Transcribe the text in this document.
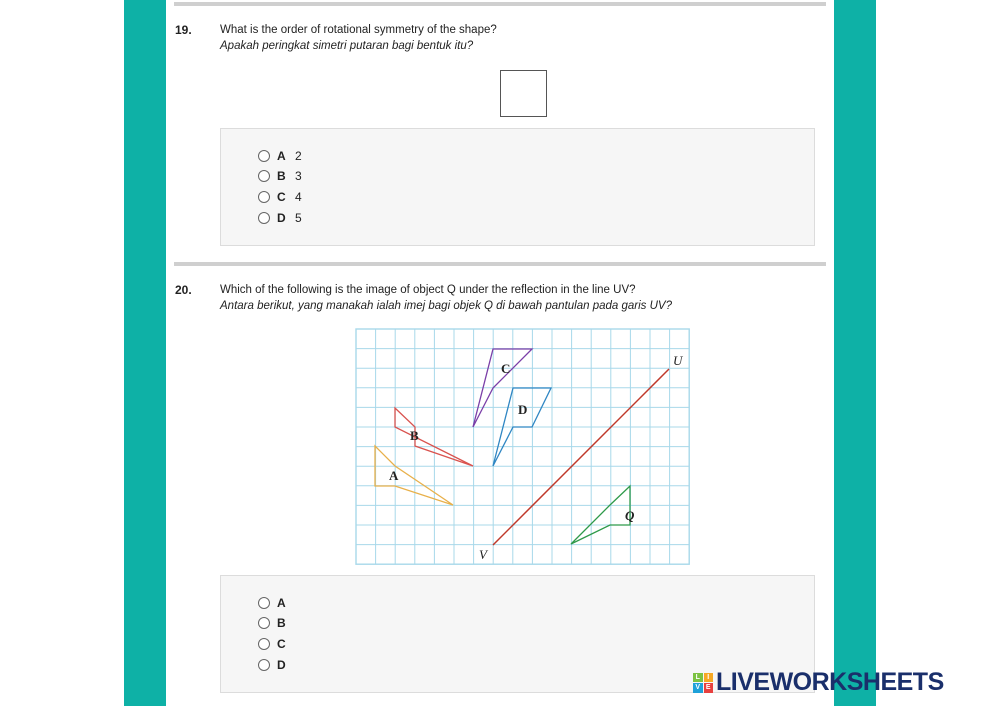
19. What is the order of rotational symmetry of the shape?
Apakah peringkat simetri putaran bagi bentuk itu?
A 2
B 3
C 4
D 5
20. Which of the following is the image of object Q under the reflection in the line UV?
Antara berikut, yang manakah ialah imej bagi objek Q di bawah pantulan pada garis UV?
C
D
B
A
Q
U
V
A
B
C
D
L	I
V E LIVEWORKSHEETS
